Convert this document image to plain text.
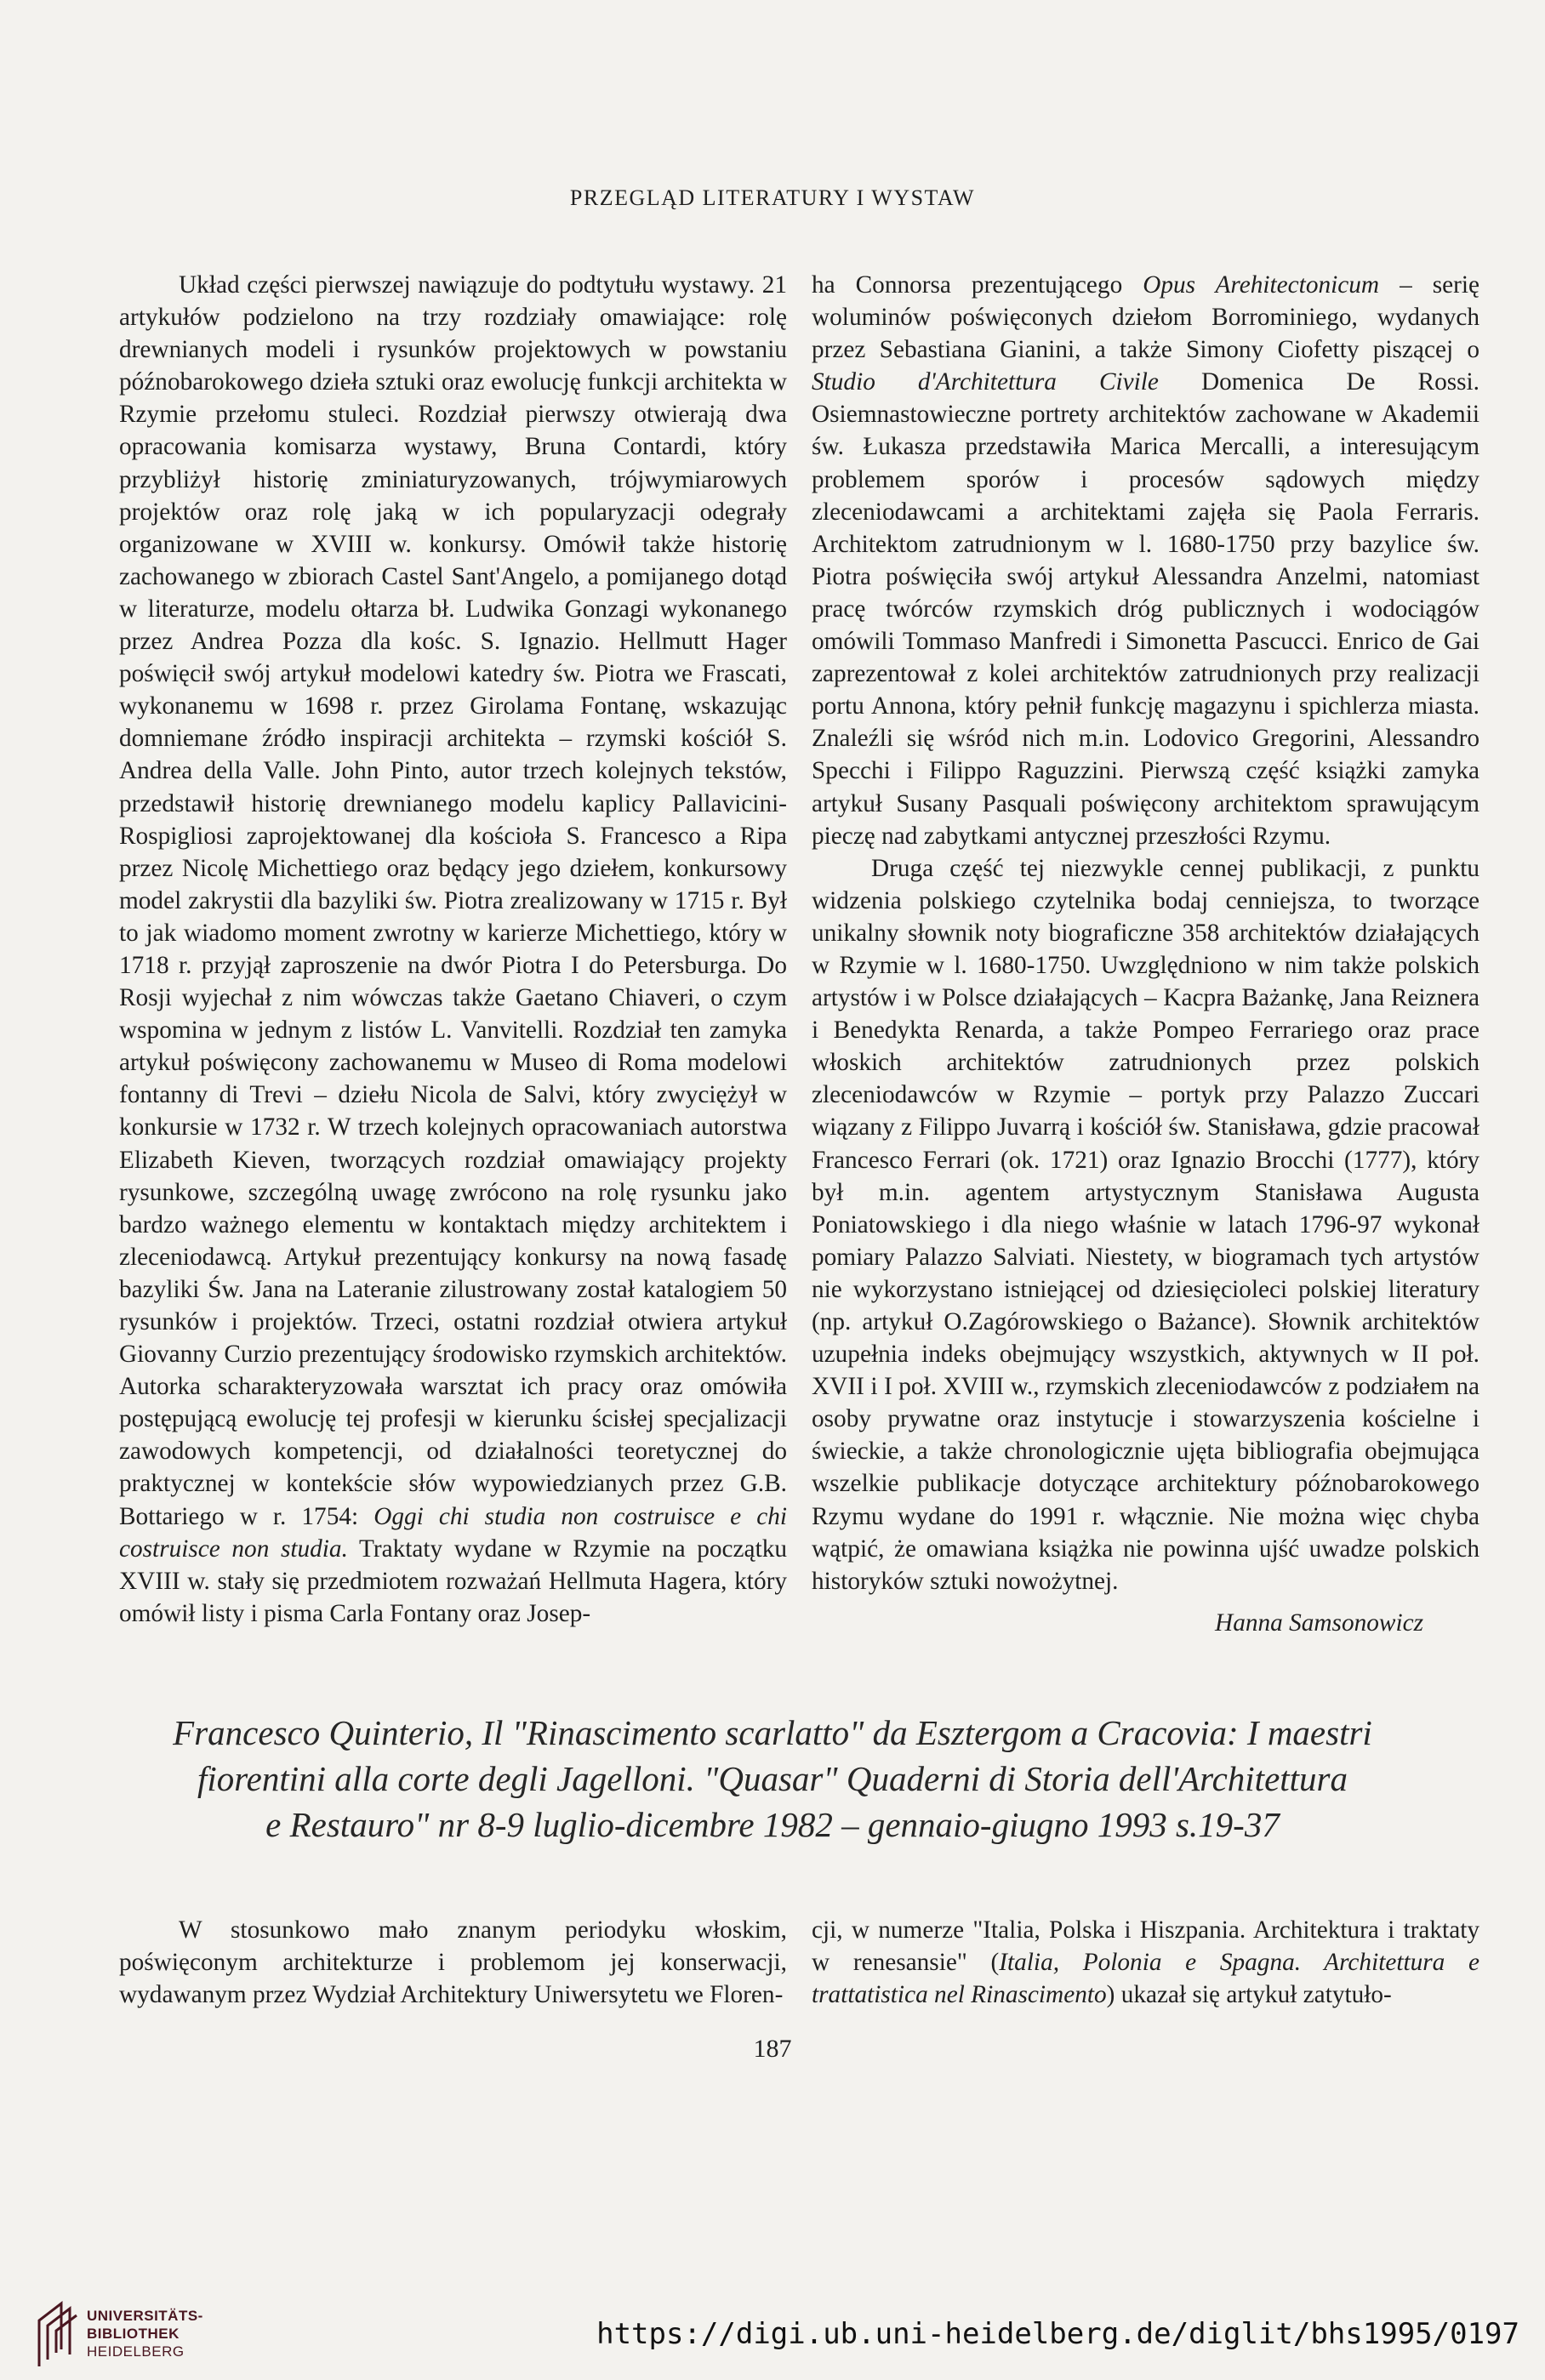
PRZEGLĄD LITERATURY I WYSTAW

Układ części pierwszej nawiązuje do podtytułu wystawy. 21 artykułów podzielono na trzy rozdziały omawiające: rolę drewnianych modeli i rysunków projektowych w powstaniu późnobarokowego dzieła sztuki oraz ewolucję funkcji architekta w Rzymie przełomu stuleci. Rozdział pierwszy otwierają dwa opracowania komisarza wystawy, Bruna Contardi, który przybliżył historię zminiaturyzowanych, trójwymiarowych projektów oraz rolę jaką w ich popularyzacji odegrały organizowane w XVIII w. konkursy. Omówił także historię zachowanego w zbiorach Castel Sant'Angelo, a pomijanego dotąd w literaturze, modelu ołtarza bł. Ludwika Gonzagi wykonanego przez Andrea Pozza dla kośc. S. Ignazio. Hellmutt Hager poświęcił swój artykuł modelowi katedry św. Piotra we Frascati, wykonanemu w 1698 r. przez Girolama Fontanę, wskazując domniemane źródło inspiracji architekta – rzymski kościół S. Andrea della Valle. John Pinto, autor trzech kolejnych tekstów, przedstawił historię drewnianego modelu kaplicy Pallavicini-Rospigliosi zaprojektowanej dla kościoła S. Francesco a Ripa przez Nicolę Michettiego oraz będący jego dziełem, konkursowy model zakrystii dla bazyliki św. Piotra zrealizowany w 1715 r. Był to jak wiadomo moment zwrotny w karierze Michettiego, który w 1718 r. przyjął zaproszenie na dwór Piotra I do Petersburga. Do Rosji wyjechał z nim wówczas także Gaetano Chiaveri, o czym wspomina w jednym z listów L. Vanvitelli. Rozdział ten zamyka artykuł poświęcony zachowanemu w Museo di Roma modelowi fontanny di Trevi – dziełu Nicola de Salvi, który zwyciężył w konkursie w 1732 r. W trzech kolejnych opracowaniach autorstwa Elizabeth Kieven, tworzących rozdział omawiający projekty rysunkowe, szczególną uwagę zwrócono na rolę rysunku jako bardzo ważnego elementu w kontaktach między architektem i zleceniodawcą. Artykuł prezentujący konkursy na nową fasadę bazyliki Św. Jana na Lateranie zilustrowany został katalogiem 50 rysunków i projektów. Trzeci, ostatni rozdział otwiera artykuł Giovanny Curzio prezentujący środowisko rzymskich architektów. Autorka scharakteryzowała warsztat ich pracy oraz omówiła postępującą ewolucję tej profesji w kierunku ścisłej specjalizacji zawodowych kompetencji, od działalności teoretycznej do praktycznej w kontekście słów wypowiedzianych przez G.B. Bottariego w r. 1754: Oggi chi studia non costruisce e chi costruisce non studia. Traktaty wydane w Rzymie na początku XVIII w. stały się przedmiotem rozważań Hellmuta Hagera, który omówił listy i pisma Carla Fontany oraz Josep-

ha Connorsa prezentującego Opus Arehitectonicum – serię woluminów poświęconych dziełom Borrominiego, wydanych przez Sebastiana Gianini, a także Simony Ciofetty piszącej o Studio d'Architettura Civile Domenica De Rossi. Osiemnastowieczne portrety architektów zachowane w Akademii św. Łukasza przedstawiła Marica Mercalli, a interesującym problemem sporów i procesów sądowych między zleceniodawcami a architektami zajęła się Paola Ferraris. Architektom zatrudnionym w l. 1680-1750 przy bazylice św. Piotra poświęciła swój artykuł Alessandra Anzelmi, natomiast pracę twórców rzymskich dróg publicznych i wodociągów omówili Tommaso Manfredi i Simonetta Pascucci. Enrico de Gai zaprezentował z kolei architektów zatrudnionych przy realizacji portu Annona, który pełnił funkcję magazynu i spichlerza miasta. Znaleźli się wśród nich m.in. Lodovico Gregorini, Alessandro Specchi i Filippo Raguzzini. Pierwszą część książki zamyka artykuł Susany Pasquali poświęcony architektom sprawującym pieczę nad zabytkami antycznej przeszłości Rzymu.

Druga część tej niezwykle cennej publikacji, z punktu widzenia polskiego czytelnika bodaj cenniejsza, to tworzące unikalny słownik noty biograficzne 358 architektów działających w Rzymie w l. 1680-1750. Uwzględniono w nim także polskich artystów i w Polsce działających – Kacpra Bażankę, Jana Reiznera i Benedykta Renarda, a także Pompeo Ferrariego oraz prace włoskich architektów zatrudnionych przez polskich zleceniodawców w Rzymie – portyk przy Palazzo Zuccari wiązany z Filippo Juvarrą i kościół św. Stanisława, gdzie pracował Francesco Ferrari (ok. 1721) oraz Ignazio Brocchi (1777), który był m.in. agentem artystycznym Stanisława Augusta Poniatowskiego i dla niego właśnie w latach 1796-97 wykonał pomiary Palazzo Salviati. Niestety, w biogramach tych artystów nie wykorzystano istniejącej od dziesięcioleci polskiej literatury (np. artykuł O.Zagórowskiego o Bażance). Słownik architektów uzupełnia indeks obejmujący wszystkich, aktywnych w II poł. XVII i I poł. XVIII w., rzymskich zleceniodawców z podziałem na osoby prywatne oraz instytucje i stowarzyszenia kościelne i świeckie, a także chronologicznie ujęta bibliografia obejmująca wszelkie publikacje dotyczące architektury późnobarokowego Rzymu wydane do 1991 r. włącznie. Nie można więc chyba wątpić, że omawiana książka nie powinna ujść uwadze polskich historyków sztuki nowożytnej.

Hanna Samsonowicz
Francesco Quinterio, Il "Rinascimento scarlatto" da Esztergom a Cracovia: I maestri
fiorentini alla corte degli Jagelloni. "Quasar" Quaderni di Storia dell'Architettura
e Restauro" nr 8-9 luglio-dicembre 1982 – gennaio-giugno 1993 s.19-37

W stosunkowo mało znanym periodyku włoskim, poświęconym architekturze i problemom jej konserwacji, wydawanym przez Wydział Architektury Uniwersytetu we Floren-

cji, w numerze "Italia, Polska i Hiszpania. Architektura i traktaty w renesansie" (Italia, Polonia e Spagna. Architettura e trattatistica nel Rinascimento) ukazał się artykuł zatytuło-

187
UNIVERSITÄTS-
BIBLIOTHEK
HEIDELBERG
https://digi.ub.uni-heidelberg.de/diglit/bhs1995/0197
